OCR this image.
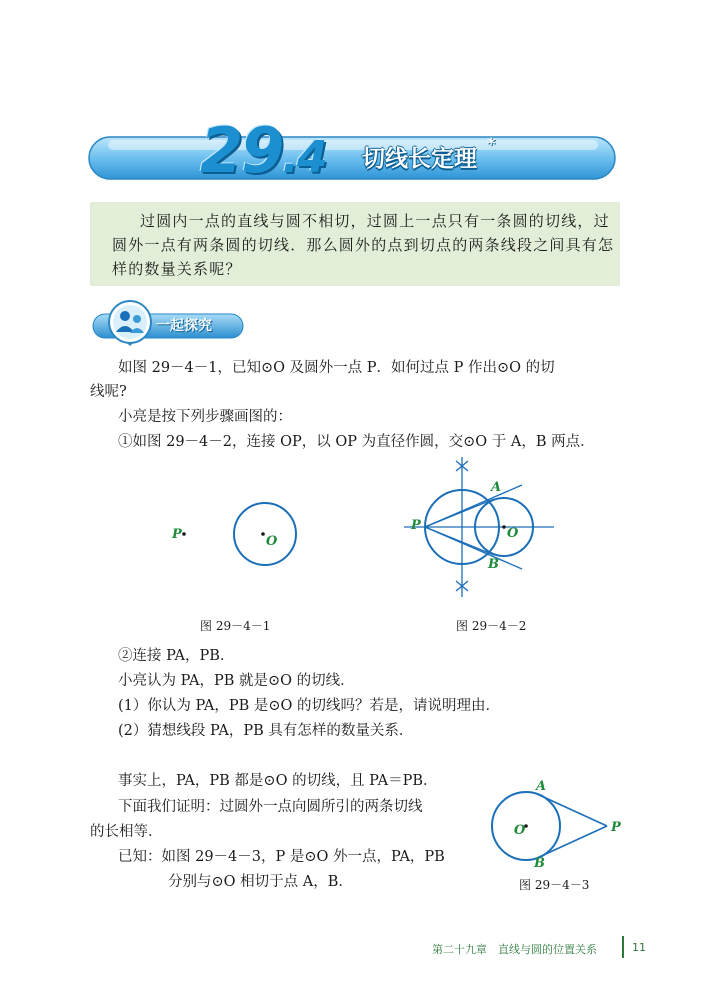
29.4 切线长定理
*
过圆内一点的直线与圆不相切，过圆上一点只有一条圆的切线，过
圆外一点有两条圆的切线．那么圆外的点到切点的两条线段之间具有怎
样的数量关系呢？
一起探究
如图 29－4－1，已知⊙O 及圆外一点 P．如何过点 P 作出⊙O 的切
线呢?
小亮是按下列步骤画图的：
①如图 29－4－2，连接 OP，以 OP 为直径作圆，交⊙O 于 A，B 两点．
P	O
图 29－4－1
P
A
O
B
图 29－4－2
②连接 PA，PB．
小亮认为 PA，PB 就是⊙O 的切线．
(1）你认为 PA，PB 是⊙O 的切线吗？若是，请说明理由．
(2）猜想线段 PA，PB 具有怎样的数量关系．
事实上，PA，PB 都是⊙O 的切线，且 PA＝PB．
下面我们证明：过圆外一点向圆所引的两条切线
的长相等．
已知：如图 29－4－3，P 是⊙O 外一点，PA，PB
分别与⊙O 相切于点 A，B．
A
O	P
B
图 29－4－3
第二十九章　直线与圆的位置关系	11
